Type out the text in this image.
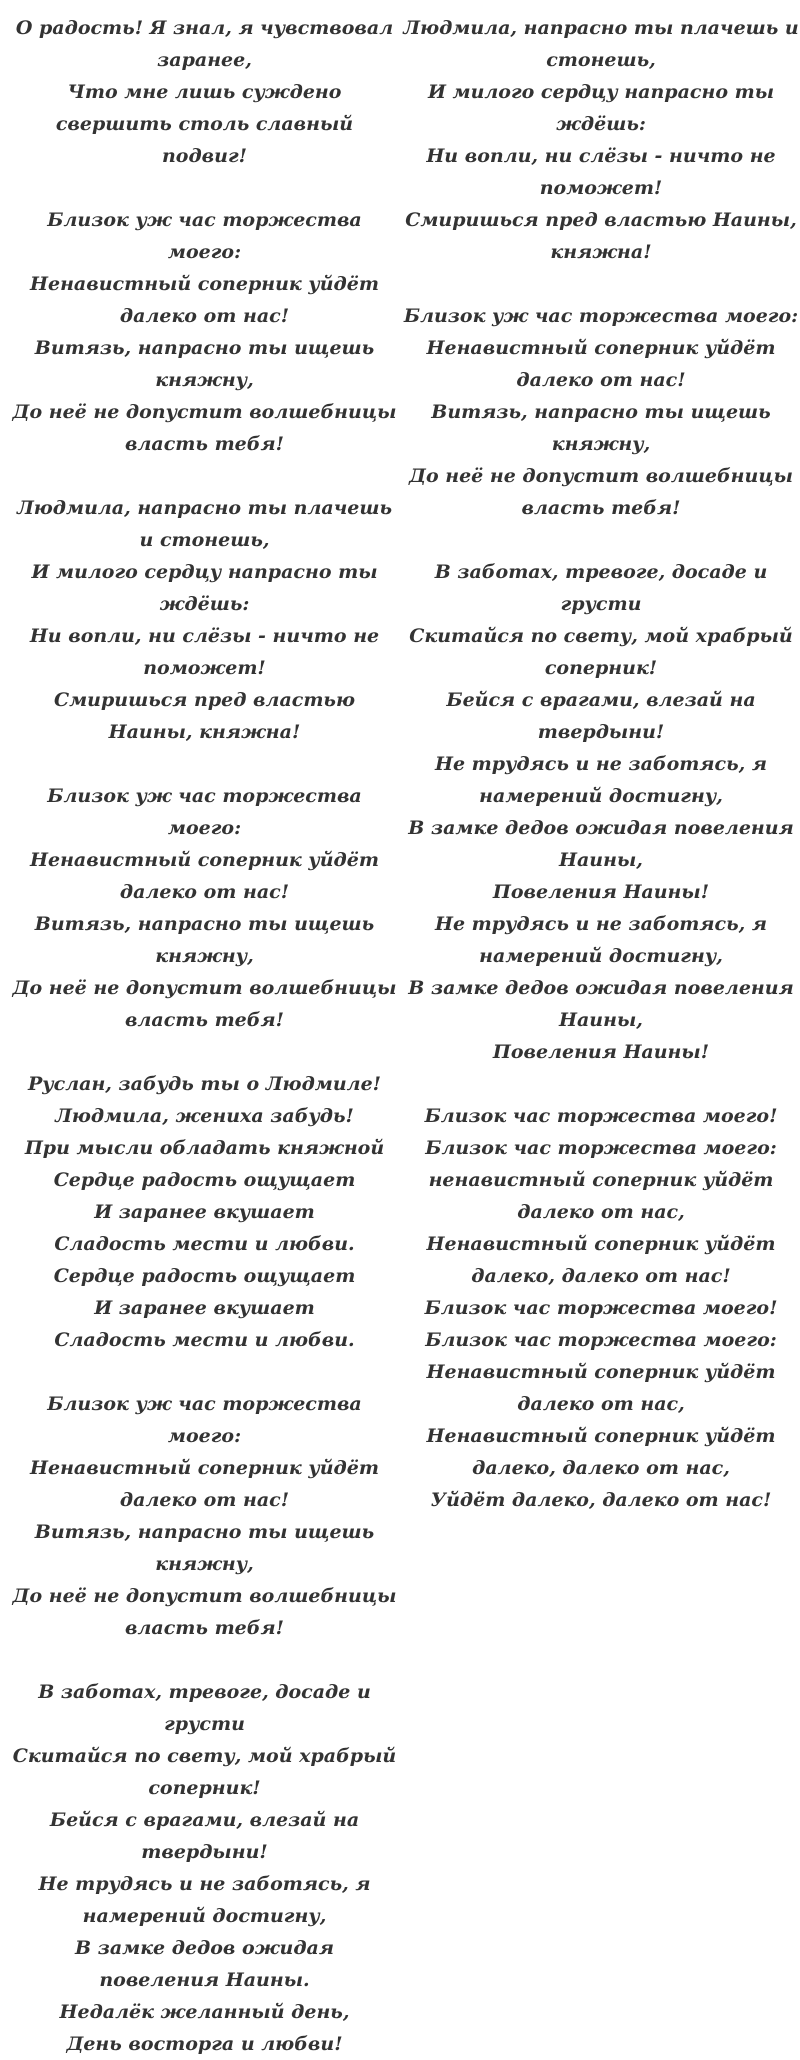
О радость! Я знал, я чувствовал заранее,
Что мне лишь суждено свершить столь славный подвиг!
Близок уж час торжества моего:
Ненавистный соперник уйдёт далеко от нас!
Витязь, напрасно ты ищешь княжну,
До неё не допустит волшебницы власть тебя!
Людмила, напрасно ты плачешь и стонешь,
И милого сердцу напрасно ты ждёшь:
Ни вопли, ни слёзы - ничто не поможет!
Смиришься пред властью Наины, княжна!
Близок уж час торжества моего:
Ненавистный соперник уйдёт далеко от нас!
Витязь, напрасно ты ищешь княжну,
До неё не допустит волшебницы власть тебя!
Руслан, забудь ты о Людмиле!
Людмила, жениха забудь!
При мысли обладать княжной
Сердце радость ощущает
И заранее вкушает
Сладость мести и любви.
Сердце радость ощущает
И заранее вкушает
Сладость мести и любви.
Близок уж час торжества моего:
Ненавистный соперник уйдёт далеко от нас!
Витязь, напрасно ты ищешь княжну,
До неё не допустит волшебницы власть тебя!
В заботах, тревоге, досаде и грусти
Скитайся по свету, мой храбрый соперник!
Бейся с врагами, влезай на твердыни!
Не трудясь и не заботясь, я намерений достигну,
В замке дедов ожидая повеления Наины.
Недалёк желанный день,
День восторга и любви!
Людмила, напрасно ты плачешь и стонешь,
И милого сердцу напрасно ты ждёшь:
Ни вопли, ни слёзы - ничто не поможет!
Смиришься пред властью Наины, княжна!
Близок уж час торжества моего:
Ненавистный соперник уйдёт далеко от нас!
Витязь, напрасно ты ищешь княжну,
До неё не допустит волшебницы власть тебя!
В заботах, тревоге, досаде и грусти
Скитайся по свету, мой храбрый соперник!
Бейся с врагами, влезай на твердыни!
Не трудясь и не заботясь, я намерений достигну,
В замке дедов ожидая повеления Наины,
Повеления Наины!
Не трудясь и не заботясь, я намерений достигну,
В замке дедов ожидая повеления Наины,
Повеления Наины!
Близок час торжества моего!
Близок час торжества моего:
ненавистный соперник уйдёт далеко от нас,
Ненавистный соперник уйдёт далеко, далеко от нас!
Близок час торжества моего!
Близок час торжества моего:
Ненавистный соперник уйдёт далеко от нас,
Ненавистный соперник уйдёт далеко, далеко от нас,
Уйдёт далеко, далеко от нас!
